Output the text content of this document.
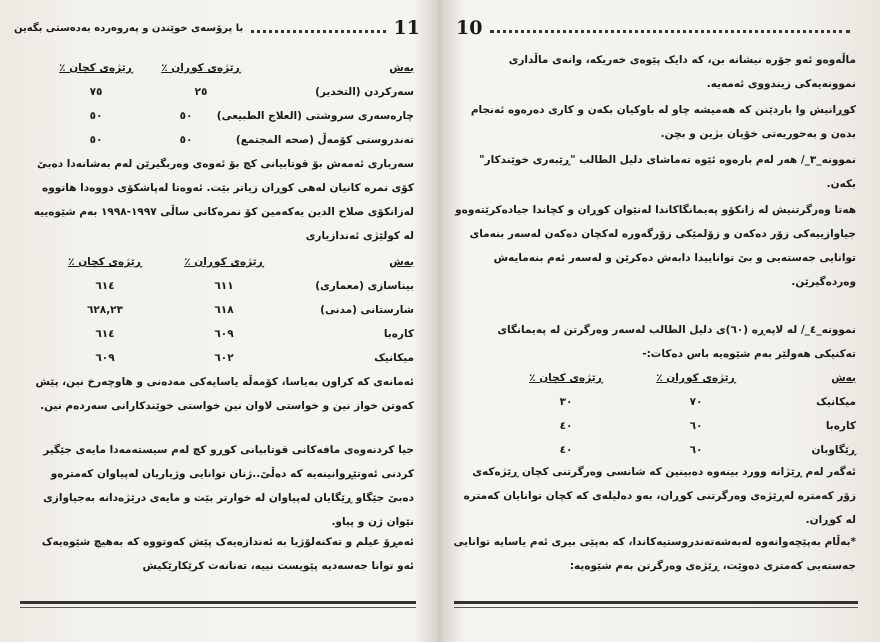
با پرۆسەی خوێندن و پەروەردە بەدەستی بگەین	11
بەش
ڕێژەی کوڕان ٪
ڕێژەی کچان ٪
سەرکردن (التخدیر)
٢٥
٧٥
چارەسەری سروشتی (العلاج الطبیعی)
٥٠
٥٠
تەندروستی کۆمەڵ (صحە المجتمع)
٥٠
٥٠

سەرباری ئەمەش بۆ قوتابیانی کچ بۆ ئەوەی وەربگیرێن لەم بەشانەدا دەبێ کۆی نمرە کانیان لەهی کوڕان زیاتر بێت. ئەوەتا لەپاشکۆی دووەدا هاتووە لەزانکۆی صلاح الدین یەکەمین کۆ نمرەکانی ساڵی ١٩٩٧-١٩٩٨ بەم شێوەییە لە کولێژی ئەندازیاری

بەش
ڕێژەی کوڕان ٪
ڕێژەی کچان ٪
بیناسازی (معماری)
٦١١
٦١٤
شارستانی (مدنی)
٦١٨
٦٢٨,٢٣
کارەبا
٦٠٩
٦١٤
میکانیک
٦٠٢
٦٠٩

ئەمانەی کە کراون بەیاسا، کۆمەڵە یاسایەکی مەدەنی و هاوچەرخ نین، پێش کەوتن خواز نین و خواستی لاوان نین خواستی خوێندکارانی سەردەم نین.

جیا کردنەوەی مافەکانی قوتابیانی کوڕو کچ لەم سیستەمەدا مایەی جێگیر کردنی ئەوتێڕوانینەیە کە دەڵێ..ژنان توانایی وژیاریان لەپیاوان کەمترەو دەبێ جێگاو ڕێگایان لەپیاوان لە خوارتر بێت و مایەی درێژەدانە بەجیاوازی نێوان ژن و پیاو.

ئەمڕۆ عیلم و تەکنەلۆژیا بە ئەندازەیەک پێش کەوتووە کە بەهیچ شێوەیەک ئەو توانا جەسەدیە پێویست نییە، تەنانەت کرێکارێکیش

10

ماڵەوەو ئەو جۆرە نیشانە بن، کە دایک پێوەی خەریکە، وانەی ماڵداری نموونەیەکی زیندووی ئەمەیە.

کوڕانیش وا باردێنن کە هەمیشە چاو لە باوکیان بکەن و کاری دەرەوە ئەنجام بدەن و بەحوریەتی خۆیان بژین و بچن.

نموونە_٣_/ هەر لەم بارەوە ئێوە تەماشای دلیل الطالب "ڕێبەری خوێندکار" بکەن.

هەتا وەرگرتنیش لە زانکۆو پەیمانگاکاندا لەنێوان کوڕان و کچاندا جیادەکرێتەوەو جیاوازییەکی زۆر دەکەن و زۆلمێکی زۆرگەورە لەکچان دەکەن لەسەر بنەمای توانایی جەستەیی و بێ تواناییدا دابەش دەکرێن و لەسەر ئەم بنەمایەش وەردەگیرێن.

نموونە_٤_/ لە لاپەڕە (٦٠)ی دلیل الطالب لەسەر وەرگرتن لە پەیمانگای تەکنیکی هەولێر بەم شێوەیە باس دەکات:-

بەش
ڕێژەی کوڕان ٪
ڕێژەی کچان ٪
میکانیک
٧٠
٣٠
کارەبا
٦٠
٤٠
ڕێگاوبان
٦٠
٤٠

ئەگەر لەم ڕێژانە وورد بینەوە دەبینین کە شانسی وەرگرتنی کچان ڕێژەکەی زۆر کەمترە لەڕێژەی وەرگرتنی کوڕان، بەو دەلیلەی کە کچان توانایان کەمترە لە کوڕان.

*بەڵام بەپێچەوانەوە لەبەشەتەندروستیەکاندا، کە بەپێی بیری ئەم یاسایە توانایی جەستەیی کەمتری دەوێت، ڕێژەی وەرگرتن بەم شێوەیە:
